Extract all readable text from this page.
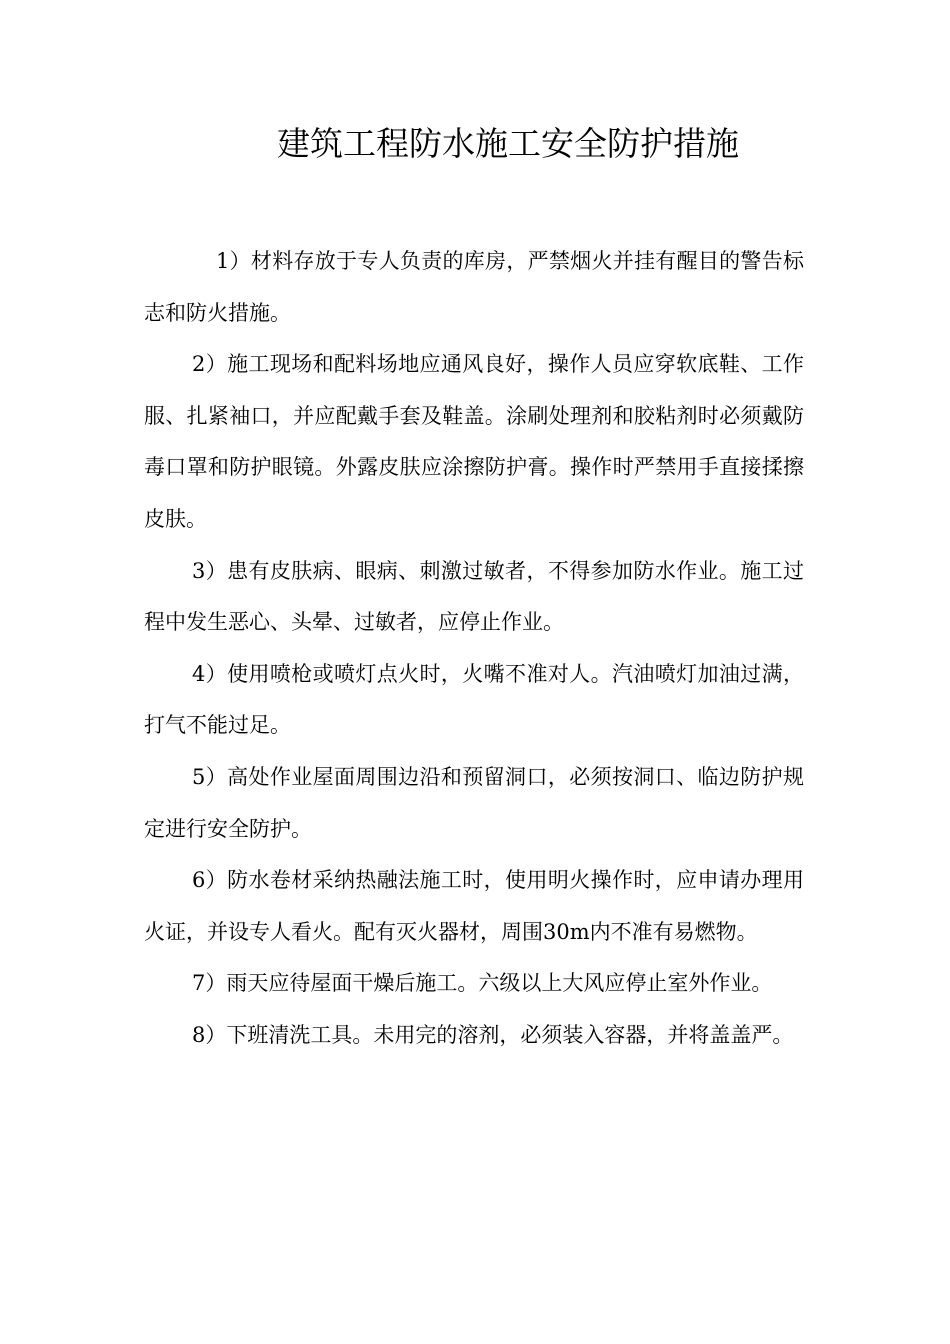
建筑工程防水施工安全防护措施

1）材料存放于专人负责的库房，严禁烟火并挂有醒目的警告标志和防火措施。

2）施工现场和配料场地应通风良好，操作人员应穿软底鞋、工作服、扎紧袖口，并应配戴手套及鞋盖。涂刷处理剂和胶粘剂时必须戴防毒口罩和防护眼镜。外露皮肤应涂擦防护膏。操作时严禁用手直接揉擦皮肤。

3）患有皮肤病、眼病、刺激过敏者，不得参加防水作业。施工过程中发生恶心、头晕、过敏者，应停止作业。

4）使用喷枪或喷灯点火时，火嘴不准对人。汽油喷灯加油过满，打气不能过足。

5）高处作业屋面周围边沿和预留洞口，必须按洞口、临边防护规定进行安全防护。

6）防水卷材采纳热融法施工时，使用明火操作时，应申请办理用火证，并设专人看火。配有灭火器材，周围30m内不准有易燃物。

7）雨天应待屋面干燥后施工。六级以上大风应停止室外作业。

8）下班清洗工具。未用完的溶剂，必须装入容器，并将盖盖严。
